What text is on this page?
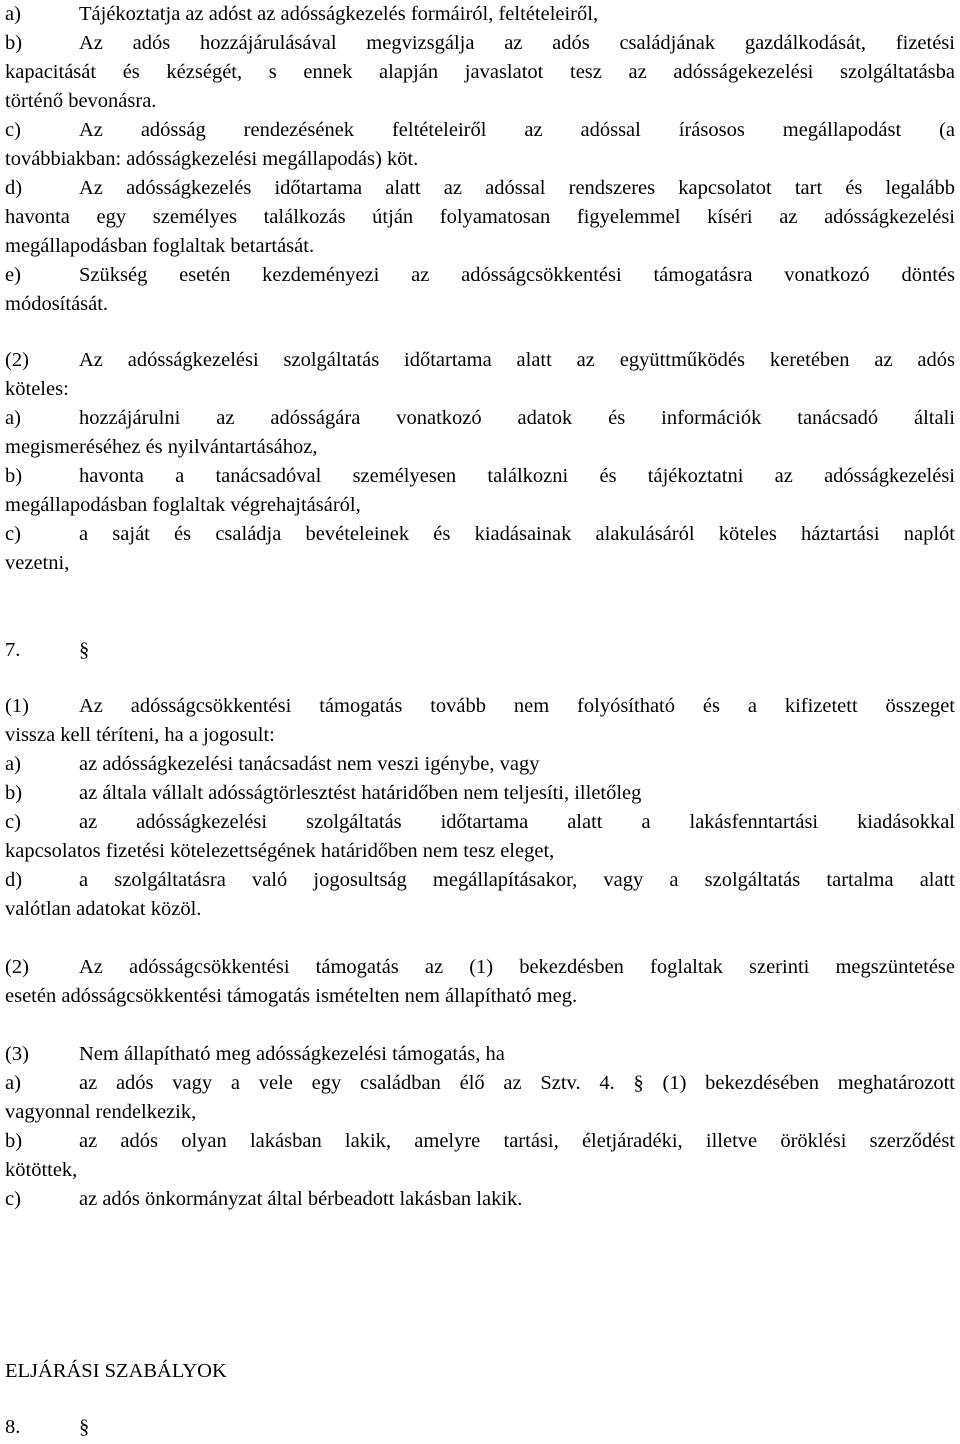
a)	Tájékoztatja az adóst az adósságkezelés formáiról, feltételeiről,
b)	Az adós hozzájárulásával megvizsgálja az adós családjának gazdálkodását, fizetési
kapacitását és kézségét, s ennek alapján javaslatot tesz az adósságekezelési szolgáltatásba
történő bevonásra.
c)	Az adósság rendezésének feltételeiről az adóssal írásosos megállapodást (a
továbbiakban: adósságkezelési megállapodás) köt.
d)	Az adósságkezelés időtartama alatt az adóssal rendszeres kapcsolatot tart és legalább
havonta egy személyes találkozás útján folyamatosan figyelemmel kíséri az adósságkezelési
megállapodásban foglaltak betartását.
e)	Szükség esetén kezdeményezi az adósságcsökkentési támogatásra vonatkozó döntés
módosítását.
(2) Az adósságkezelési szolgáltatás időtartama alatt az együttműködés keretében az adós
köteles:
a)	hozzájárulni az adósságára vonatkozó adatok és információk tanácsadó általi
megismeréséhez és nyilvántartásához,
b)	havonta a tanácsadóval személyesen találkozni és tájékoztatni az adósságkezelési
megállapodásban foglaltak végrehajtásáról,
c)	a saját és családja bevételeinek és kiadásainak alakulásáról köteles háztartási naplót
vezetni,
7.	§
(1) Az adósságcsökkentési támogatás tovább nem folyósítható és a kifizetett összeget
vissza kell téríteni, ha a jogosult:
a)	az adósságkezelési tanácsadást nem veszi igénybe, vagy
b)	az általa vállalt adósságtörlesztést határidőben nem teljesíti, illetőleg
c)	az adósságkezelési szolgáltatás időtartama alatt a lakásfenntartási kiadásokkal
kapcsolatos fizetési kötelezettségének határidőben nem tesz eleget,
d)	a szolgáltatásra való jogosultság megállapításakor, vagy a szolgáltatás tartalma alatt
valótlan adatokat közöl.
(2) Az adósságcsökkentési támogatás az (1) bekezdésben foglaltak szerinti megszüntetése
esetén adósságcsökkentési támogatás ismételten nem állapítható meg.
(3) Nem állapítható meg adósságkezelési támogatás, ha
a)	az adós vagy a vele egy családban élő az Sztv. 4. § (1) bekezdésében meghatározott
vagyonnal rendelkezik,
b)	az adós olyan lakásban lakik, amelyre tartási, életjáradéki, illetve öröklési szerződést
kötöttek,
c)	az adós önkormányzat által bérbeadott lakásban lakik.
ELJÁRÁSI SZABÁLYOK
8.	§
